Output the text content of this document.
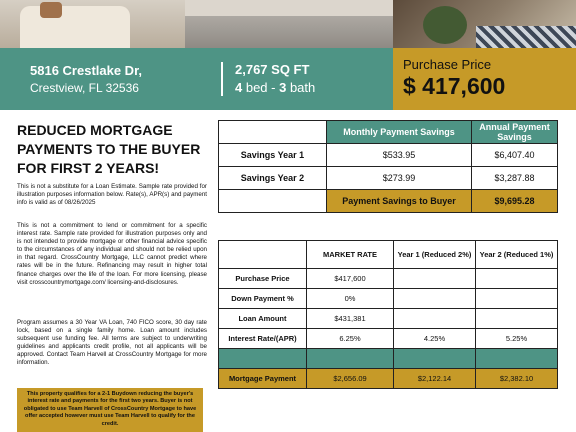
5816 Crestlake Dr,
Crestview, FL 32536
2,767 SQ FT
4 bed - 3 bath
Purchase Price
$ 417,600
REDUCED MORTGAGE PAYMENTS TO THE BUYER FOR FIRST 2 YEARS!
This is not a substitute for a Loan Estimate. Sample rate provided for illustration purposes information below. Rate(s), APR(s) and payment info is valid as of 08/26/2025
This is not a commitment to lend or commitment for a specific interest rate. Sample rate provided for illustration purposes only and is not intended to provide mortgage or other financial advice specific to the circumstances of any individual and should not be relied upon in that regard. CrossCountry Mortgage, LLC cannot predict where rates will be in the future. Refinancing may result in higher total finance charges over the life of the loan. For more licensing, please visit crosscountrymortgage.com/ licensing-and-disclosures.
Program assumes a 30 Year VA Loan, 740 FICO score, 30 day rate lock, based on a single family home. Loan amount includes subsequent use funding fee. All terms are subject to underwriting guidelines and applicants credit profile, not all applicants will be approved. Contact Team Harvell at CrossCountry Mortgage for more information.
This property qualifies for a 2-1 Buydown reducing the buyer's interest rate and payments for the first two years. Buyer is not obligated to use Team Harvell of CrossCountry Mortgage to have offer accepted however must use Team Harvell to qualify for the credit.
	Monthly Payment Savings	Annual Payment Savings
Savings Year 1	$533.95	$6,407.40
Savings Year 2	$273.99	$3,287.88
	Payment Savings to Buyer	$9,695.28
	MARKET RATE	Year 1 (Reduced 2%)	Year 2 (Reduced 1%)
Purchase Price	$417,600		
Down Payment %	0%		
Loan Amount	$431,381		
Interest Rate/(APR)	6.25%	4.25%	5.25%

Mortgage Payment	$2,656.09	$2,122.14	$2,382.10
